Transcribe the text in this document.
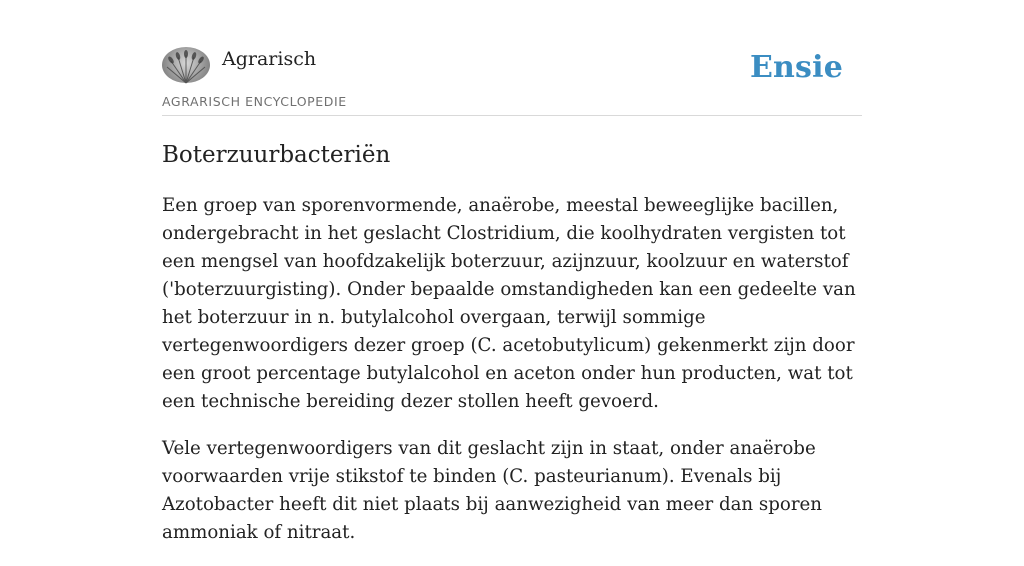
Agrarisch
AGRARISCH ENCYCLOPEDIE
Ensie
Boterzuurbacteriën

Een groep van sporenvormende, anaërobe, meestal beweeglijke bacillen, ondergebracht in het geslacht Clostridium, die koolhydraten vergisten tot een mengsel van hoofdzakelijk boterzuur, azijnzuur, koolzuur en waterstof ('boterzuurgisting). Onder bepaalde omstandigheden kan een gedeelte van het boterzuur in n. butylalcohol overgaan, terwijl sommige vertegenwoordigers dezer groep (C. acetobutylicum) gekenmerkt zijn door een groot percentage butylalcohol en aceton onder hun producten, wat tot een technische bereiding dezer stollen heeft gevoerd.

Vele vertegenwoordigers van dit geslacht zijn in staat, onder anaërobe voorwaarden vrije stikstof te binden (C. pasteurianum). Evenals bij Azotobacter heeft dit niet plaats bij aanwezigheid van meer dan sporen ammoniak of nitraat.
